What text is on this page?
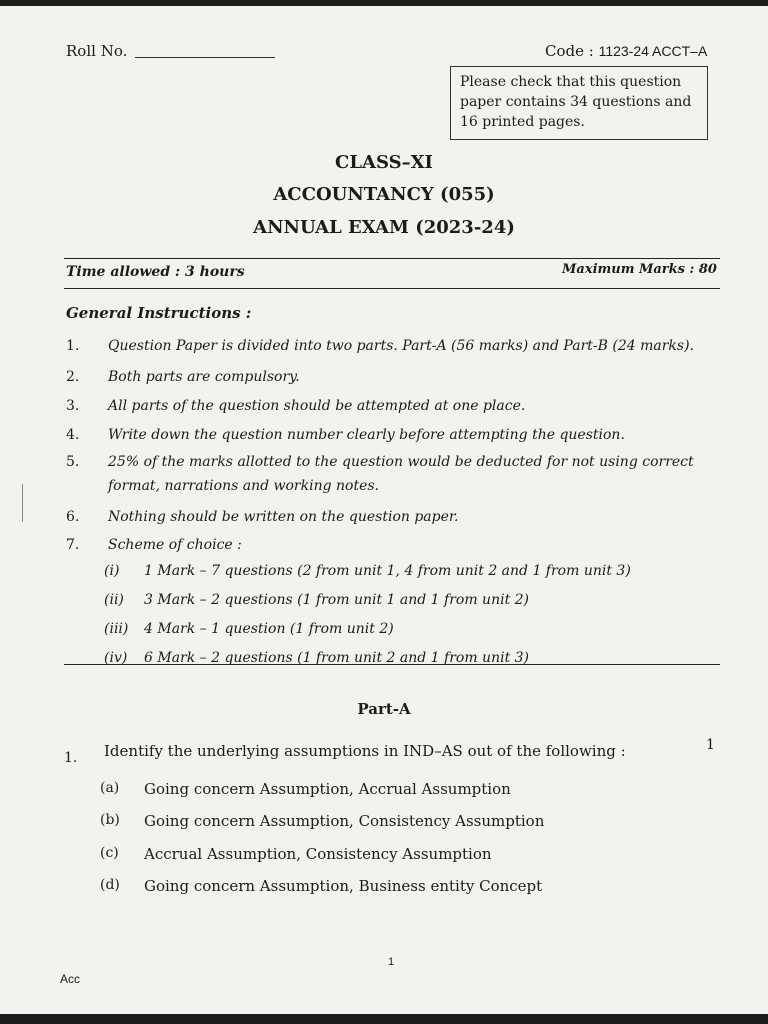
Roll No.	Code : 1123-24 ACCT–A
Please check that this question paper contains 34 questions and 16 printed pages.
CLASS–XI
ACCOUNTANCY (055)
ANNUAL EXAM (2023-24)
Time allowed : 3 hours	Maximum Marks : 80
General Instructions :
1. Question Paper is divided into two parts. Part-A (56 marks) and Part-B (24 marks).
2. Both parts are compulsory.
3. All parts of the question should be attempted at one place.
4. Write down the question number clearly before attempting the question.
5. 25% of the marks allotted to the question would be deducted for not using correct
format, narrations and working notes.
6. Nothing should be written on the question paper.
7. Scheme of choice :
(i) 1 Mark – 7 questions (2 from unit 1, 4 from unit 2 and 1 from unit 3)
(ii) 3 Mark – 2 questions (1 from unit 1 and 1 from unit 2)
(iii) 4 Mark – 1 question (1 from unit 2)
(iv) 6 Mark – 2 questions (1 from unit 2 and 1 from unit 3)
Part-A
1. Identify the underlying assumptions in IND–AS out of the following :	1
(a) Going concern Assumption, Accrual Assumption
(b) Going concern Assumption, Consistency Assumption
(c) Accrual Assumption, Consistency Assumption
(d) Going concern Assumption, Business entity Concept
1
Acc
